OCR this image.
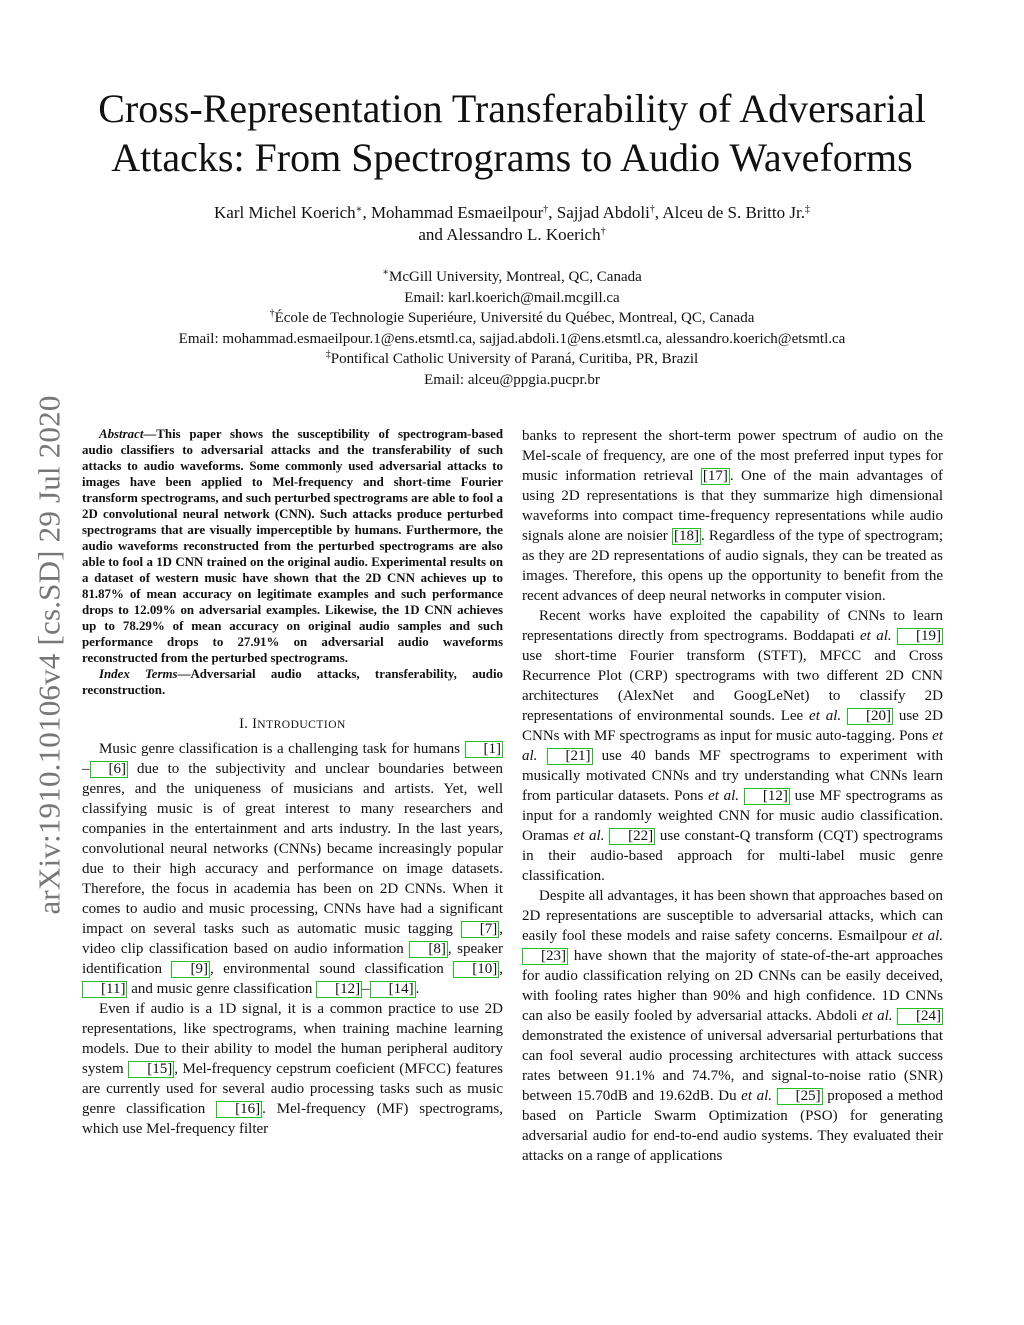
arXiv:1910.10106v4 [cs.SD] 29 Jul 2020
Cross-Representation Transferability of Adversarial
Attacks: From Spectrograms to Audio Waveforms
Karl Michel Koerich∗, Mohammad Esmaeilpour†, Sajjad Abdoli†, Alceu de S. Britto Jr.‡
and Alessandro L. Koerich†
∗McGill University, Montreal, QC, Canada
Email: karl.koerich@mail.mcgill.ca
†École de Technologie Superiéure, Université du Québec, Montreal, QC, Canada
Email: mohammad.esmaeilpour.1@ens.etsmtl.ca, sajjad.abdoli.1@ens.etsmtl.ca, alessandro.koerich@etsmtl.ca
‡Pontifical Catholic University of Paraná, Curitiba, PR, Brazil
Email: alceu@ppgia.pucpr.br

Abstract—This paper shows the susceptibility of spectrogram-based audio classifiers to adversarial attacks and the transferability of such attacks to audio waveforms. Some commonly used adversarial attacks to images have been applied to Mel-frequency and short-time Fourier transform spectrograms, and such perturbed spectrograms are able to fool a 2D convolutional neural network (CNN). Such attacks produce perturbed spectrograms that are visually imperceptible by humans. Furthermore, the audio waveforms reconstructed from the perturbed spectrograms are also able to fool a 1D CNN trained on the original audio. Experimental results on a dataset of western music have shown that the 2D CNN achieves up to 81.87% of mean accuracy on legitimate examples and such performance drops to 12.09% on adversarial examples. Likewise, the 1D CNN achieves up to 78.29% of mean accuracy on original audio samples and such performance drops to 27.91% on adversarial audio waveforms reconstructed from the perturbed spectrograms.

Index Terms—Adversarial audio attacks, transferability, audio reconstruction.

I. INTRODUCTION

Music genre classification is a challenging task for humans [1]– [6] due to the subjectivity and unclear boundaries between genres, and the uniqueness of musicians and artists. Yet, well classifying music is of great interest to many researchers and companies in the entertainment and arts industry. In the last years, convolutional neural networks (CNNs) became increasingly popular due to their high accuracy and performance on image datasets. Therefore, the focus in academia has been on 2D CNNs. When it comes to audio and music processing, CNNs have had a significant impact on several tasks such as automatic music tagging [7] , video clip classification based on audio information [8] , speaker identification [9] , environmental sound classification [10] , [11] and music genre classification [12] – [14] .

Even if audio is a 1D signal, it is a common practice to use 2D representations, like spectrograms, when training machine learning models. Due to their ability to model the human peripheral auditory system [15] , Mel-frequency cepstrum coeficient (MFCC) features are currently used for several audio processing tasks such as music genre classification [16] . Mel-frequency (MF) spectrograms, which use Mel-frequency filter

banks to represent the short-term power spectrum of audio on the Mel-scale of frequency, are one of the most preferred input types for music information retrieval [17] . One of the main advantages of using 2D representations is that they summarize high dimensional waveforms into compact time-frequency representations while audio signals alone are noisier [18] . Regardless of the type of spectrogram; as they are 2D representations of audio signals, they can be treated as images. Therefore, this opens up the opportunity to benefit from the recent advances of deep neural networks in computer vision.

Recent works have exploited the capability of CNNs to learn representations directly from spectrograms. Boddapati et al. [19] use short-time Fourier transform (STFT), MFCC and Cross Recurrence Plot (CRP) spectrograms with two different 2D CNN architectures (AlexNet and GoogLeNet) to classify 2D representations of environmental sounds. Lee et al. [20] use 2D CNNs with MF spectrograms as input for music auto-tagging. Pons et al. [21] use 40 bands MF spectrograms to experiment with musically motivated CNNs and try understanding what CNNs learn from particular datasets. Pons et al. [12] use MF spectrograms as input for a randomly weighted CNN for music audio classification. Oramas et al. [22] use constant-Q transform (CQT) spectrograms in their audio-based approach for multi-label music genre classification.

Despite all advantages, it has been shown that approaches based on 2D representations are susceptible to adversarial attacks, which can easily fool these models and raise safety concerns. Esmailpour et al. [23] have shown that the majority of state-of-the-art approaches for audio classification relying on 2D CNNs can be easily deceived, with fooling rates higher than 90% and high confidence. 1D CNNs can also be easily fooled by adversarial attacks. Abdoli et al. [24] demonstrated the existence of universal adversarial perturbations that can fool several audio processing architectures with attack success rates between 91.1% and 74.7%, and signal-to-noise ratio (SNR) between 15.70dB and 19.62dB. Du et al. [25] proposed a method based on Particle Swarm Optimization (PSO) for generating adversarial audio for end-to-end audio systems. They evaluated their attacks on a range of applications
